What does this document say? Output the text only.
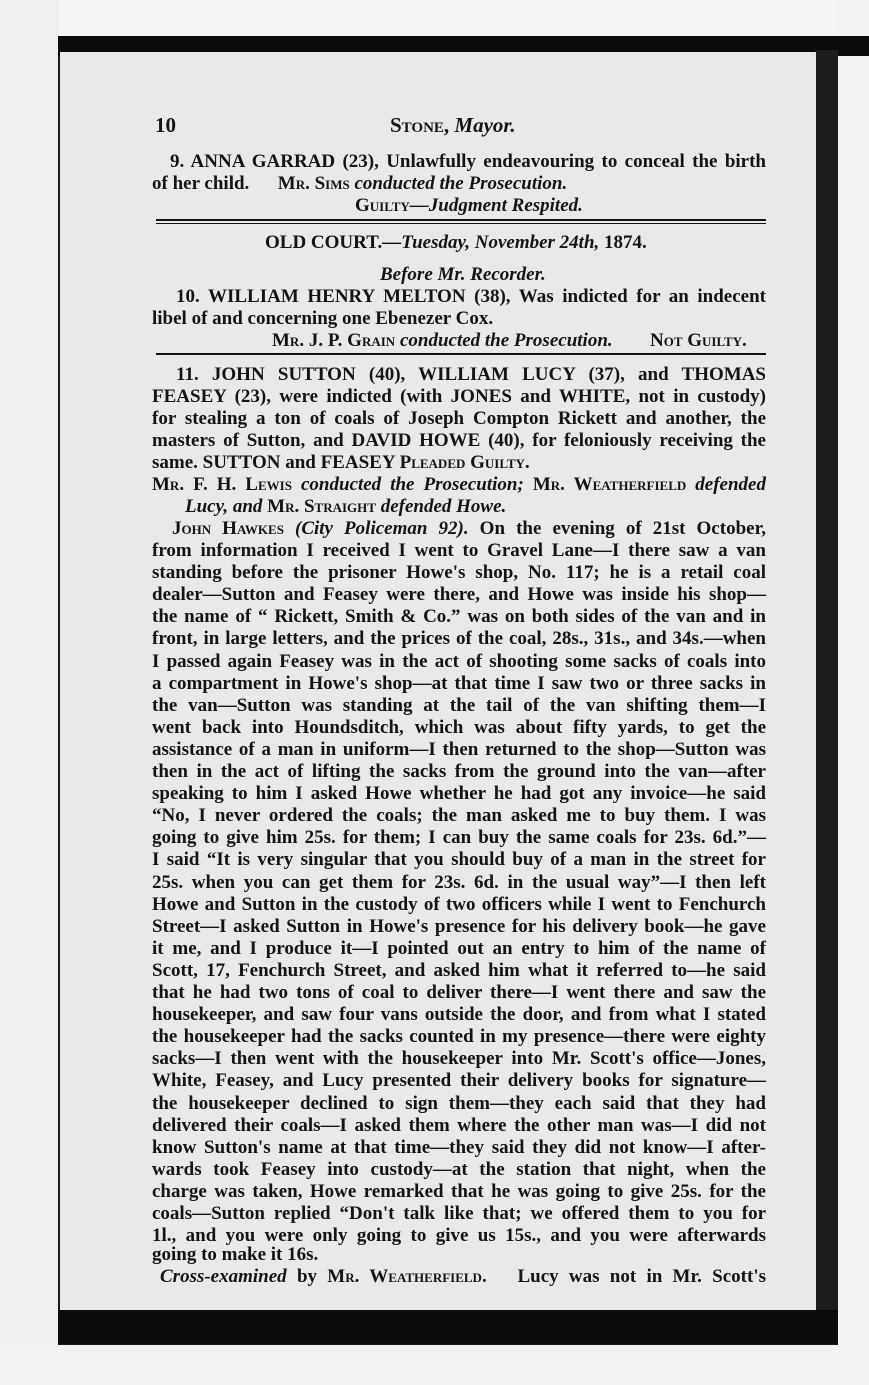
10	Stone, Mayor.
9. ANNA GARRAD (23), Unlawfully endeavouring to conceal the birth
of her child. Mr. Sims conducted the Prosecution.
Guilty—Judgment Respited.
OLD COURT.—Tuesday, November 24th, 1874.
Before Mr. Recorder.
10. WILLIAM HENRY MELTON (38), Was indicted for an indecent
libel of and concerning one Ebenezer Cox.
Mr. J. P. Grain conducted the Prosecution.	Not Guilty.
11. JOHN SUTTON (40), WILLIAM LUCY (37), and THOMAS
FEASEY (23), were indicted (with JONES and WHITE, not in custody)
for stealing a ton of coals of Joseph Compton Rickett and another, the
masters of Sutton, and DAVID HOWE (40), for feloniously receiving the
same. SUTTON and FEASEY Pleaded Guilty.
Mr. F. H. Lewis conducted the Prosecution; Mr. Weatherfield defended
Lucy, and Mr. Straight defended Howe.
John Hawkes (City Policeman 92). On the evening of 21st October,
from information I received I went to Gravel Lane—I there saw a van
standing before the prisoner Howe's shop, No. 117; he is a retail coal
dealer—Sutton and Feasey were there, and Howe was inside his shop—
the name of “ Rickett, Smith & Co.” was on both sides of the van and in
front, in large letters, and the prices of the coal, 28s., 31s., and 34s.—when
I passed again Feasey was in the act of shooting some sacks of coals into
a compartment in Howe's shop—at that time I saw two or three sacks in
the van—Sutton was standing at the tail of the van shifting them—I
went back into Houndsditch, which was about fifty yards, to get the
assistance of a man in uniform—I then returned to the shop—Sutton was
then in the act of lifting the sacks from the ground into the van—after
speaking to him I asked Howe whether he had got any invoice—he said
“No, I never ordered the coals; the man asked me to buy them. I was
going to give him 25s. for them; I can buy the same coals for 23s. 6d.”—
I said “It is very singular that you should buy of a man in the street for
25s. when you can get them for 23s. 6d. in the usual way”—I then left
Howe and Sutton in the custody of two officers while I went to Fenchurch
Street—I asked Sutton in Howe's presence for his delivery book—he gave
it me, and I produce it—I pointed out an entry to him of the name of
Scott, 17, Fenchurch Street, and asked him what it referred to—he said
that he had two tons of coal to deliver there—I went there and saw the
housekeeper, and saw four vans outside the door, and from what I stated
the housekeeper had the sacks counted in my presence—there were eighty
sacks—I then went with the housekeeper into Mr. Scott's office—Jones,
White, Feasey, and Lucy presented their delivery books for signature—
the housekeeper declined to sign them—they each said that they had
delivered their coals—I asked them where the other man was—I did not
know Sutton's name at that time—they said they did not know—I after-
wards took Feasey into custody—at the station that night, when the
charge was taken, Howe remarked that he was going to give 25s. for the
coals—Sutton replied “Don't talk like that; we offered them to you for
1l., and you were only going to give us 15s., and you were afterwards
going to make it 16s.
Cross-examined by Mr. Weatherfield. Lucy was not in Mr. Scott's
